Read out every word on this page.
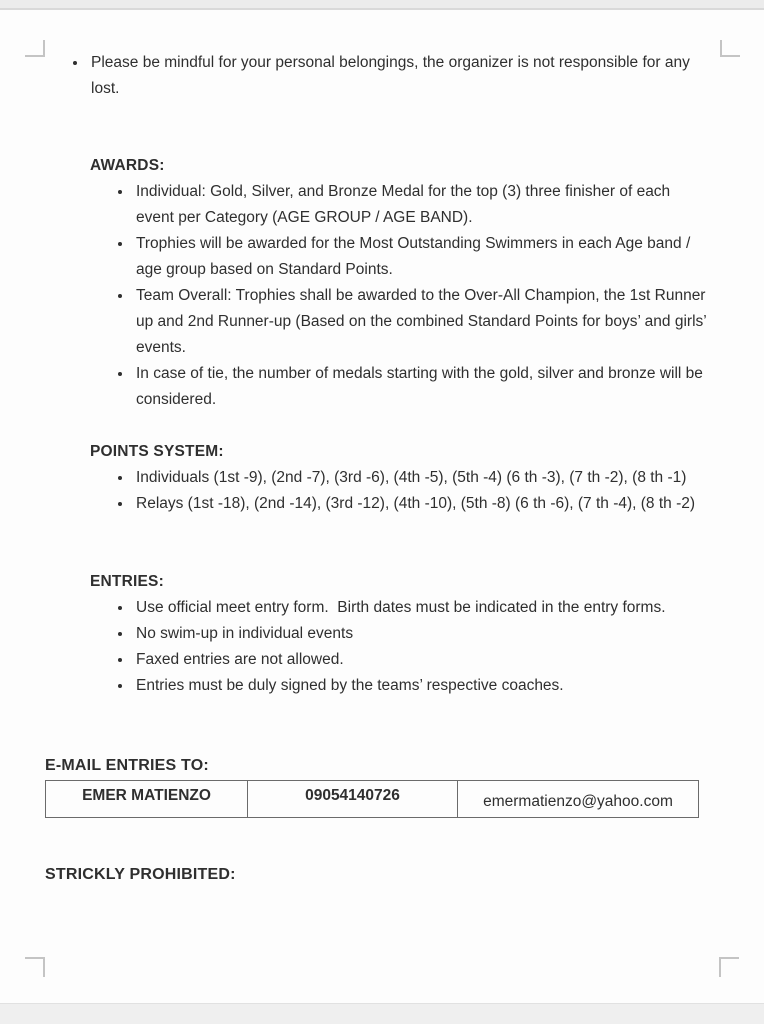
• Please be mindful for your personal belongings, the organizer is not responsible for any lost.
AWARDS:
• Individual: Gold, Silver, and Bronze Medal for the top (3) three finisher of each event per Category (AGE GROUP / AGE BAND).
• Trophies will be awarded for the Most Outstanding Swimmers in each Age band / age group based on Standard Points.
• Team Overall: Trophies shall be awarded to the Over-All Champion, the 1st Runner up and 2nd Runner-up (Based on the combined Standard Points for boys’ and girls’ events.
• In case of tie, the number of medals starting with the gold, silver and bronze will be considered.
POINTS SYSTEM:
• Individuals (1st -9), (2nd -7), (3rd -6), (4th -5), (5th -4) (6 th -3), (7 th -2), (8 th -1)
• Relays (1st -18), (2nd -14), (3rd -12), (4th -10), (5th -8) (6 th -6), (7 th -4), (8 th -2)
ENTRIES:
• Use official meet entry form.  Birth dates must be indicated in the entry forms.
• No swim-up in individual events
• Faxed entries are not allowed.
• Entries must be duly signed by the teams’ respective coaches.
E-MAIL ENTRIES TO:
EMER MATIENZO	09054140726	emermatienzo@yahoo.com
STRICKLY PROHIBITED:
